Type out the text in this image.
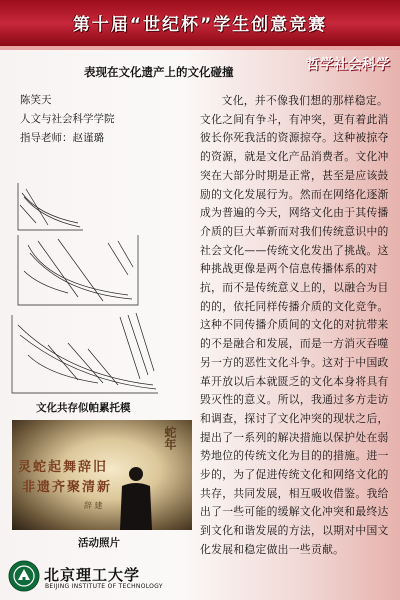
第十届“世纪杯”学生创意竞赛
哲学社会科学
表现在文化遗产上的文化碰撞
陈笑天
人文与社会科学学院
指导老师：赵谨璐
文化共存似帕累托模
灵蛇起舞辞旧
非遗齐聚清新
蛇年
辞 建
活动照片

文化，并不像我们想的那样稳定。文化之间有争斗，有冲突，更有着此消彼长你死我活的资源掠夺。这种被掠夺的资源，就是文化产品消费者。文化冲突在大部分时期是正常，甚至是应该鼓励的文化发展行为。然而在网络化逐渐成为普遍的今天，网络文化由于其传播介质的巨大革新而对我们传统意识中的社会文化——传统文化发出了挑战。这种挑战更像是两个信息传播体系的对抗，而不是传统意义上的，以融合为目的的，依托同样传播介质的文化竞争。这种不同传播介质间的文化的对抗带来的不是融合和发展，而是一方消灭吞噬另一方的恶性文化斗争。这对于中国政革开放以后本就匮乏的文化本身将具有毁灭性的意义。所以，我通过多方走访和调查，探讨了文化冲突的现状之后，提出了一系列的解决措施以保护处在弱势地位的传统文化为目的的措施。进一步的，为了促进传统文化和网络文化的共存，共同发展，相互吸收借鉴。我给出了一些可能的缓解文化冲突和最终达到文化和谐发展的方法，以期对中国文化发展和稳定做出一些贡献。

北京理工大学
BEIJING INSTITUTE OF TECHNOLOGY
